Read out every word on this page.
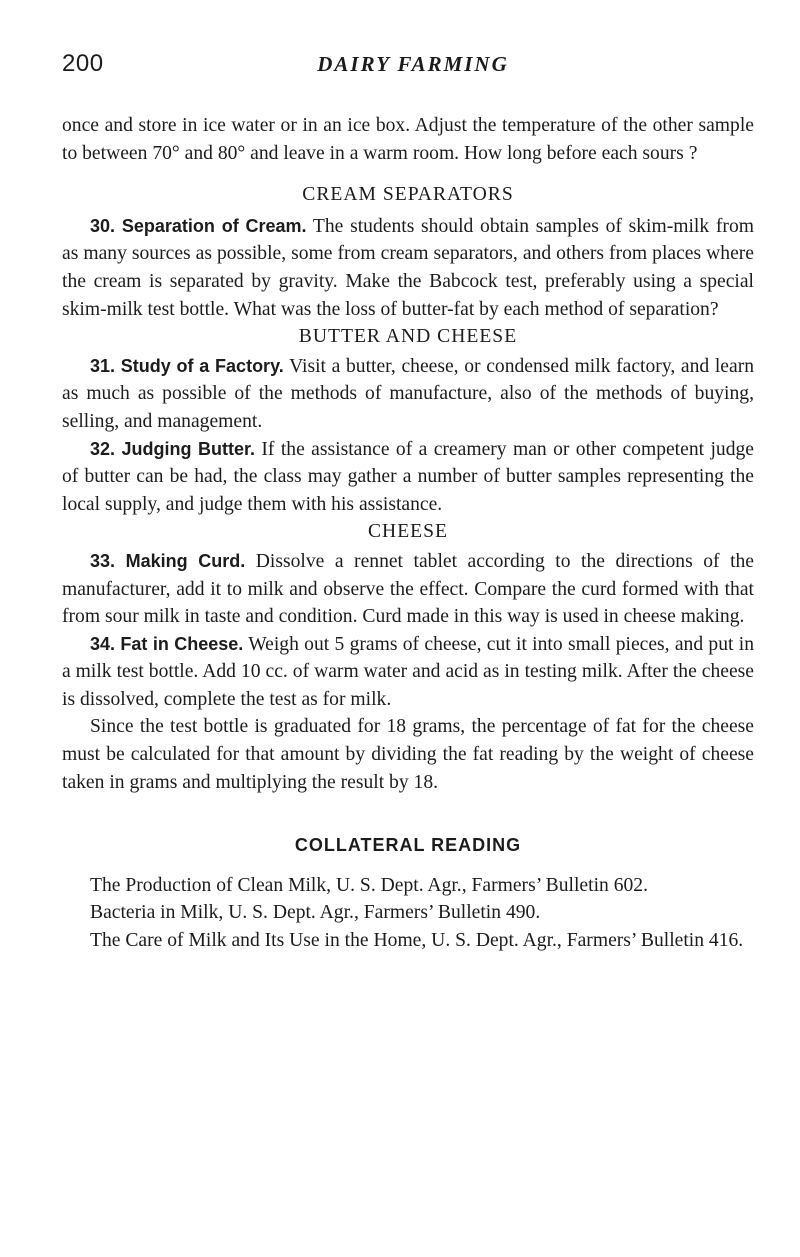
200	DAIRY FARMING

once and store in ice water or in an ice box. Adjust the temperature of the other sample to between 70° and 80° and leave in a warm room. How long before each sours ?

CREAM SEPARATORS

30. Separation of Cream. The students should obtain samples of skim-milk from as many sources as possible, some from cream separators, and others from places where the cream is separated by gravity. Make the Babcock test, preferably using a special skim-milk test bottle. What was the loss of butter-fat by each method of separation?

BUTTER AND CHEESE

31. Study of a Factory. Visit a butter, cheese, or condensed milk factory, and learn as much as possible of the methods of manufacture, also of the methods of buying, selling, and management.

32. Judging Butter. If the assistance of a creamery man or other competent judge of butter can be had, the class may gather a number of butter samples representing the local supply, and judge them with his assistance.

CHEESE

33. Making Curd. Dissolve a rennet tablet according to the directions of the manufacturer, add it to milk and observe the effect. Compare the curd formed with that from sour milk in taste and condition. Curd made in this way is used in cheese making.

34. Fat in Cheese. Weigh out 5 grams of cheese, cut it into small pieces, and put in a milk test bottle. Add 10 cc. of warm water and acid as in testing milk. After the cheese is dissolved, complete the test as for milk.

Since the test bottle is graduated for 18 grams, the percentage of fat for the cheese must be calculated for that amount by dividing the fat reading by the weight of cheese taken in grams and multiplying the result by 18.

COLLATERAL READING

The Production of Clean Milk, U. S. Dept. Agr., Farmers’ Bulletin 602.

Bacteria in Milk, U. S. Dept. Agr., Farmers’ Bulletin 490.

The Care of Milk and Its Use in the Home, U. S. Dept. Agr., Farmers’ Bulletin 416.
